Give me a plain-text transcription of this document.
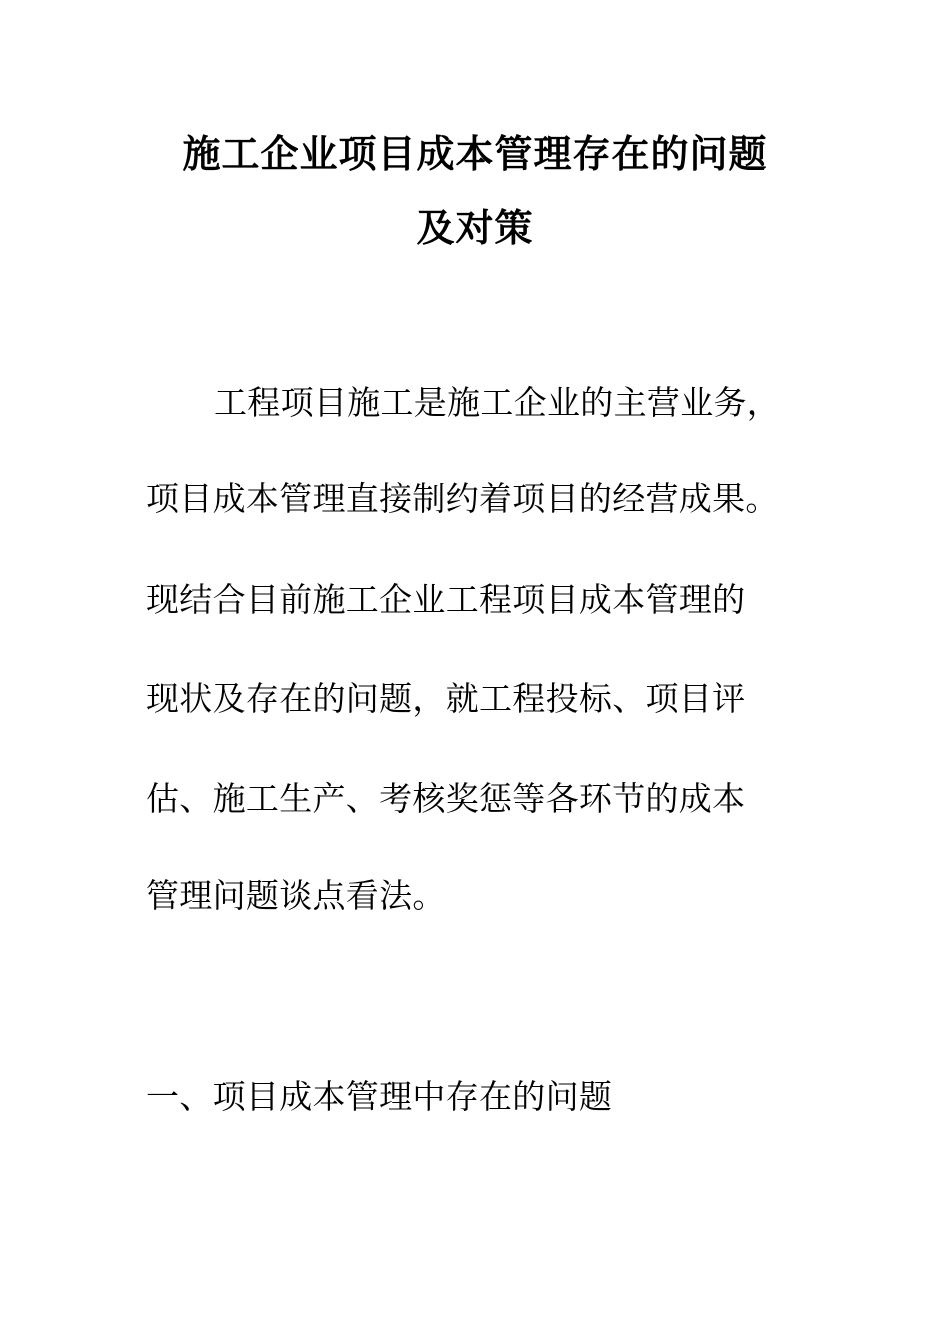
施工企业项目成本管理存在的问题
及对策
工程项目施工是施工企业的主营业务，
项目成本管理直接制约着项目的经营成果。
现结合目前施工企业工程项目成本管理的
现状及存在的问题，就工程投标、项目评
估、施工生产、考核奖惩等各环节的成本
管理问题谈点看法。
一、项目成本管理中存在的问题
